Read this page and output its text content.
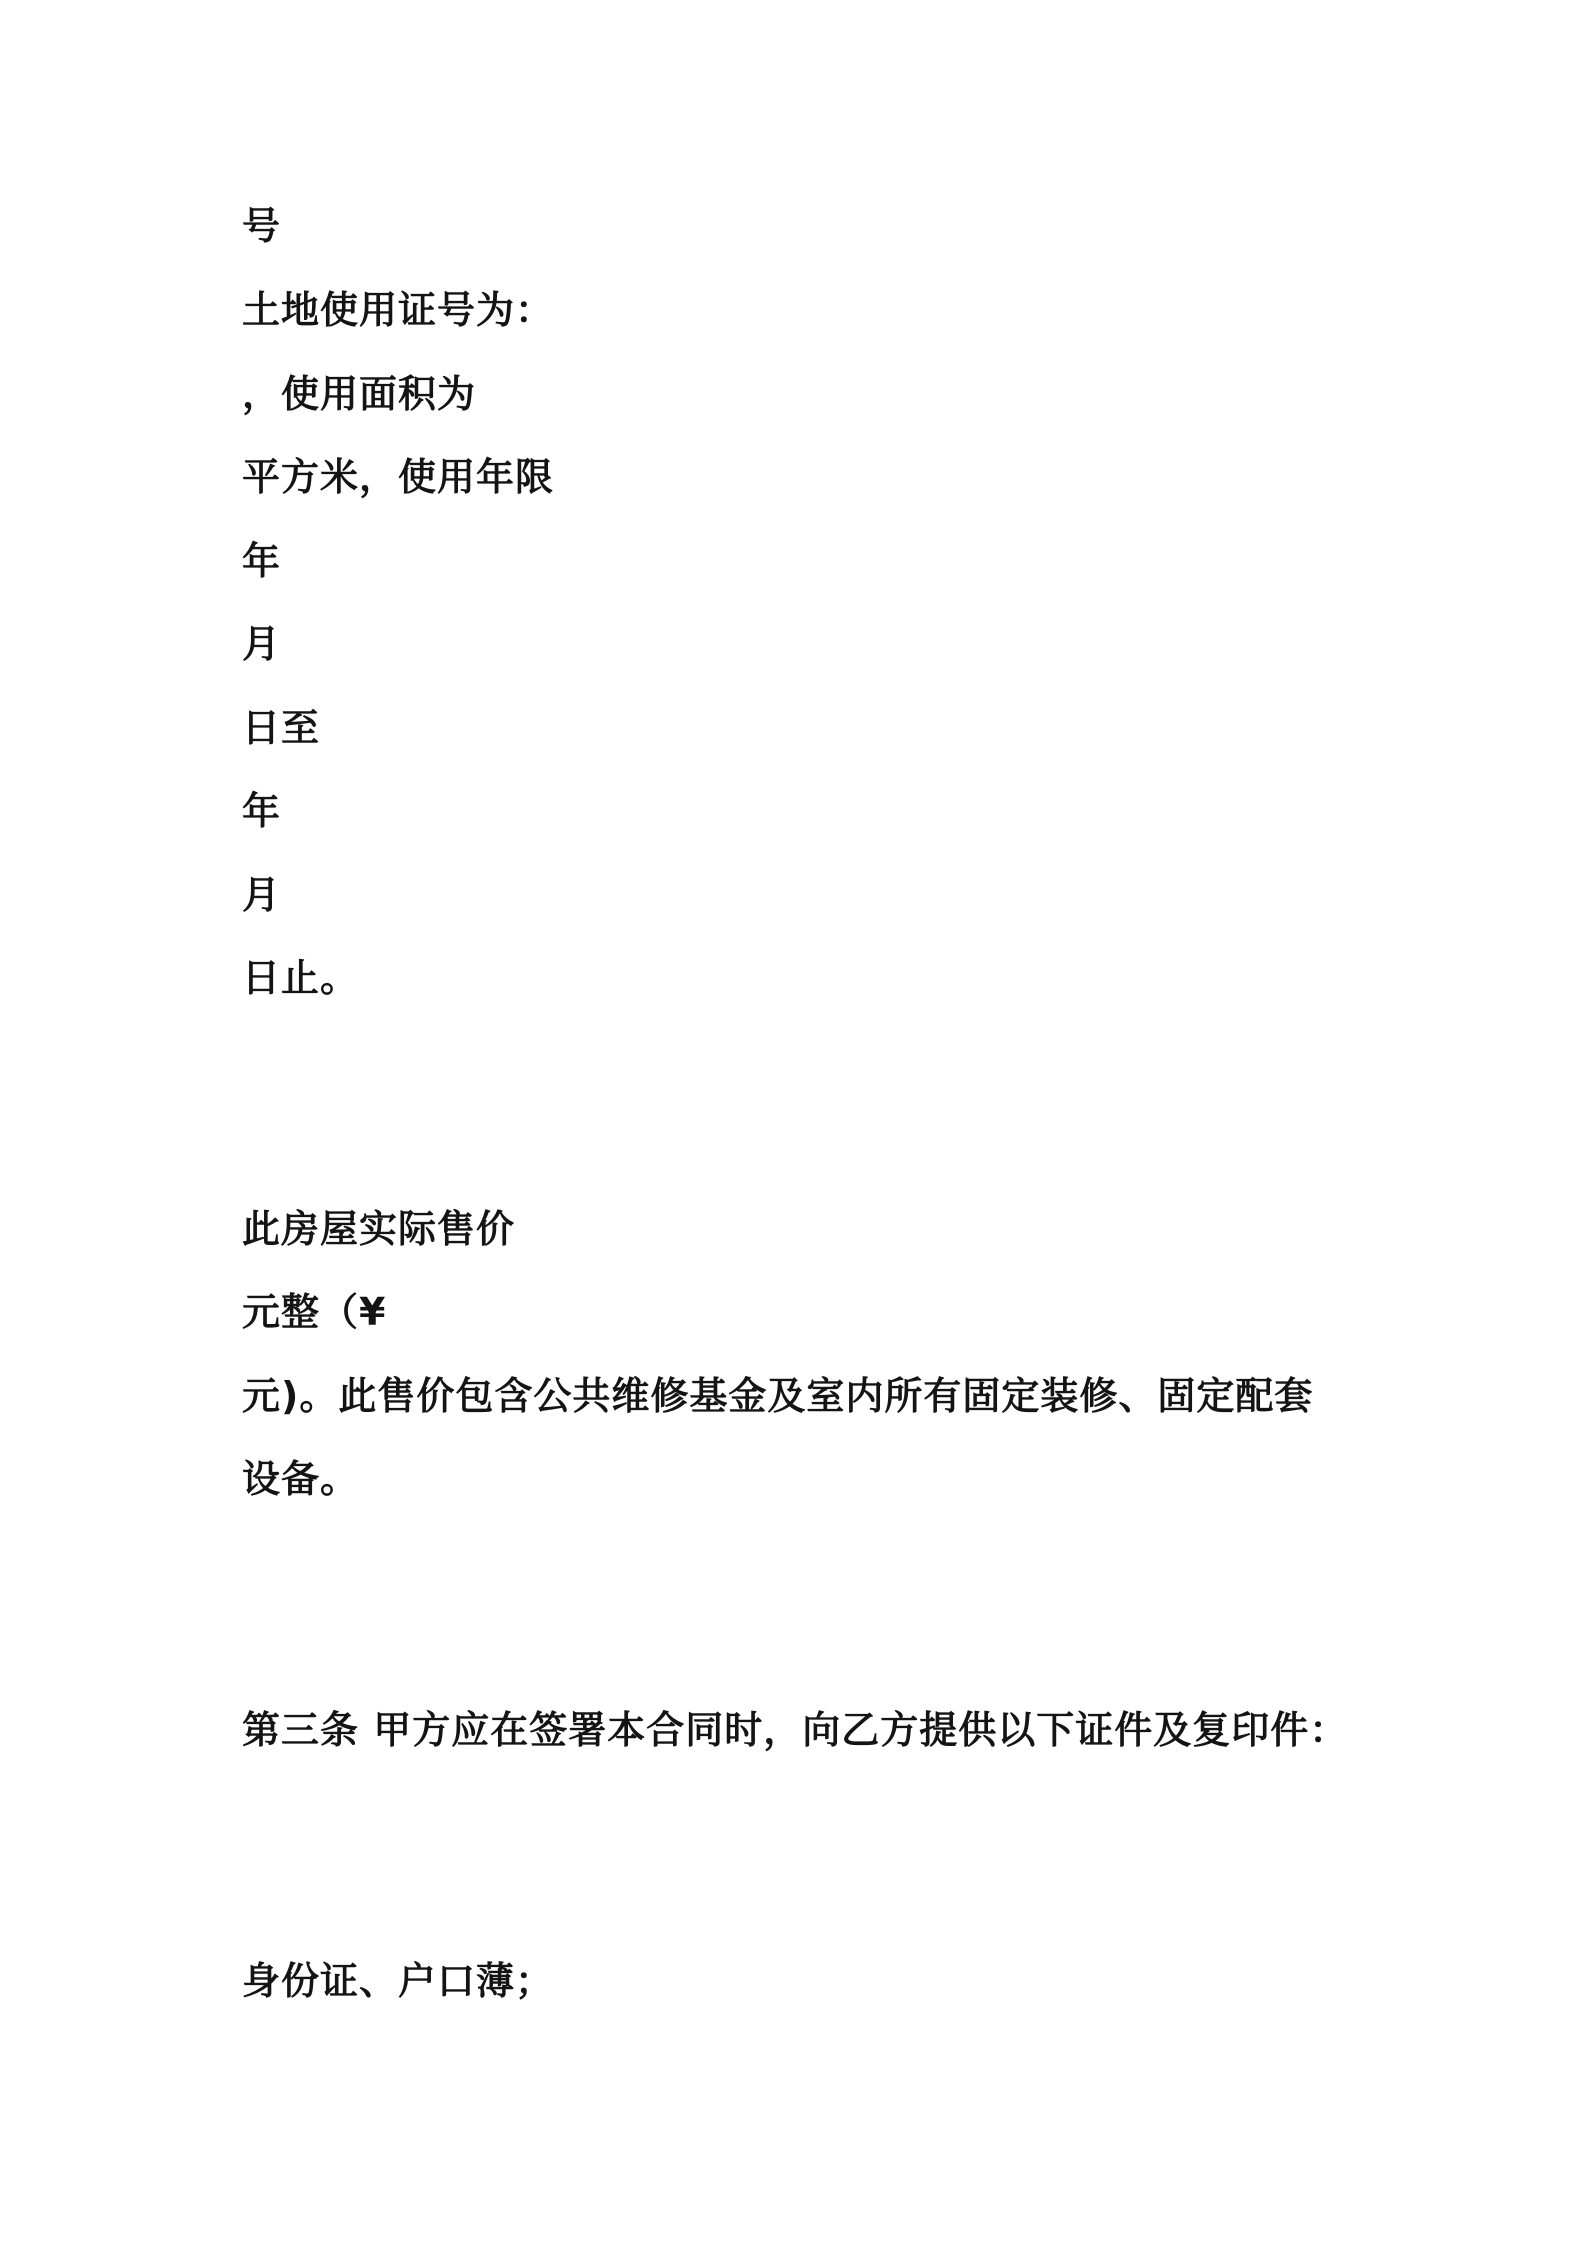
号
土地使用证号为：
，使用面积为
平方米，使用年限
年
月
日至
年
月
日止。
此房屋实际售价
元整（¥
元)。此售价包含公共维修基金及室内所有固定装修、固定配套
设备。
第三条 甲方应在签署本合同时，向乙方提供以下证件及复印件：
身份证、户口薄；
